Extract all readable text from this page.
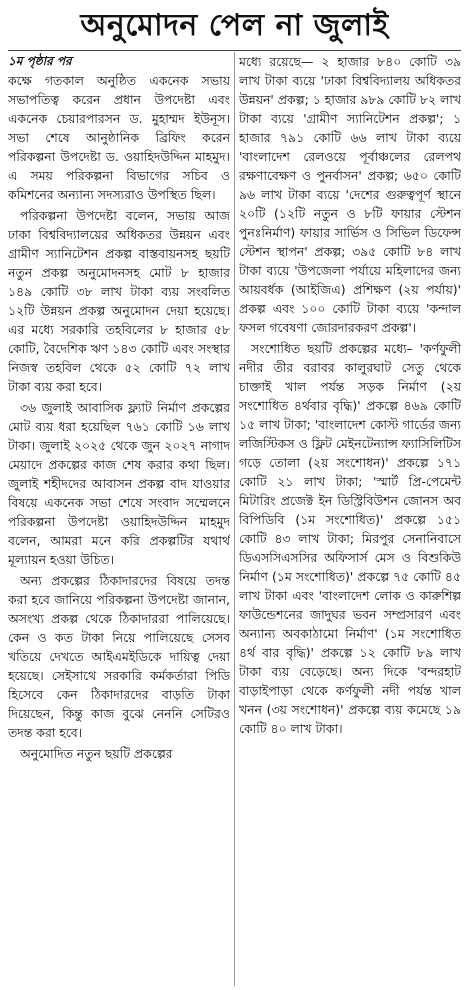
অনুমোদন পেল না জুলাই
১ম পৃষ্ঠার পর

কক্ষে গতকাল অনুষ্ঠিত একনেক সভায় সভাপতিত্ব করেন প্রধান উপদেষ্টা এবং একনেক চেয়ারপারসন ড. মুহাম্মদ ইউনূস। সভা শেষে আনুষ্ঠানিক ব্রিফিং করেন পরিকল্পনা উপদেষ্টা ড. ওয়াহিদউদ্দিন মাহমুদ। এ সময় পরিকল্পনা বিভাগের সচিব ও কমিশনের অন্যান্য সদস্যরাও উপস্থিত ছিল।

পরিকল্পনা উপদেষ্টা বলেন, সভায় আজ ঢাকা বিশ্ববিদ্যালয়ের অধিকতর উন্নয়ন এবং গ্রামীণ স্যানিটেশন প্রকল্প বাস্তবায়নসহ ছয়টি নতুন প্রকল্প অনুমোদনসহ মোট ৮ হাজার ১৪৯ কোটি ৩৮ লাখ টাকা ব্যয় সংবলিত ১২টি উন্নয়ন প্রকল্প অনুমোদন দেয়া হয়েছে। এর মধ্যে সরকারি তহবিলের ৮ হাজার ৫৮ কোটি, বৈদেশিক ঋণ ১৪৩ কোটি এবং সংস্থার নিজস্ব তহবিল থেকে ৫২ কোটি ৭২ লাখ টাকা ব্যয় করা হবে।

৩৬ জুলাই আবাসিক ফ্ল্যাট নির্মাণ প্রকল্পের মোট ব্যয় ধরা হয়েছিল ৭৬১ কোটি ১৬ লাখ টাকা। জুলাই ২০২৫ থেকে জুন ২০২৭ নাগাদ মেয়াদে প্রকল্পের কাজ শেষ করার কথা ছিল। জুলাই শহীদদের আবাসন প্রকল্প বাদ যাওয়ার বিষয়ে একনেক সভা শেষে সংবাদ সম্মেলনে পরিকল্পনা উপদেষ্টা ওয়াহিদউদ্দিন মাহমুদ বলেন, আমরা মনে করি প্রকল্পটির যথার্থ মূল্যায়ন হওয়া উচিত।

অন্য প্রকল্পের ঠিকাদারদের বিষয়ে তদন্ত করা হবে জানিয়ে পরিকল্পনা উপদেষ্টা জানান, অসংখ্য প্রকল্প থেকে ঠিকাদাররা পালিয়েছে। কেন ও কত টাকা নিয়ে পালিয়েছে সেসব খতিয়ে দেখতে আইএমইডিকে দায়িত্ব দেয়া হয়েছে। সেইসাথে সরকারি কর্মকর্তারা পিডি হিসেবে কেন ঠিকাদারদের বাড়তি টাকা দিয়েছেন, কিন্তু কাজ বুঝে নেননি সেটিরও তদন্ত করা হবে।

অনুমোদিত নতুন ছয়টি প্রকল্পের

মধ্যে রয়েছে— ২ হাজার ৮৪০ কোটি ৩৯ লাখ টাকা ব্যয়ে 'ঢাকা বিশ্ববিদ্যালয় অধিকতর উন্নয়ন' প্রকল্প; ১ হাজার ৯৮৯ কোটি ৮২ লাখ টাকা ব্যয়ে 'গ্রামীণ স্যানিটেশন প্রকল্প'; ১ হাজার ৭৯১ কোটি ৬৬ লাখ টাকা ব্যয়ে 'বাংলাদেশ রেলওয়ে পূর্বাঞ্চলের রেলপথ রক্ষণাবেক্ষণ ও পুনর্বাসন' প্রকল্প; ৬৫০ কোটি ৯৬ লাখ টাকা ব্যয়ে 'দেশের গুরুত্বপূর্ণ স্থানে ২০টি (১২টি নতুন ও ৮টি ফায়ার স্টেশন পুনঃনির্মাণ) ফায়ার সার্ভিস ও সিভিল ডিফেন্স স্টেশন স্থাপন' প্রকল্প; ৩৯৫ কোটি ৮৪ লাখ টাকা ব্যয়ে 'উপজেলা পর্যায়ে মহিলাদের জন্য আয়বর্ধক (আইজিএ) প্রশিক্ষণ (২য় পর্যায়)' প্রকল্প এবং ১০০ কোটি টাকা ব্যয়ে 'কন্দাল ফসল গবেষণা জোরদারকরণ প্রকল্প'।

সংশোধিত ছয়টি প্রকল্পের মধ্যে– 'কর্ণফুলী নদীর তীর বরাবর কালুরঘাট সেতু থেকে চাক্তাই খাল পর্যন্ত সড়ক নির্মাণ (২য় সংশোধিত ৪র্থবার বৃদ্ধি)' প্রকল্পে ৪৬৯ কোটি ১৫ লাখ টাকা; 'বাংলাদেশ কোস্ট গার্ডের জন্য লজিস্টিকস ও ফ্লিট মেইনটেন্যান্স ফ্যাসিলিটিস গড়ে তোলা (২য় সংশোধন)' প্রকল্পে ১৭১ কোটি ২১ লাখ টাকা; 'স্মার্ট প্রি-পেমেন্ট মিটারিং প্রজেক্ট ইন ডিস্ট্রিবিউশন জোনস অব বিপিডিবি (১ম সংশোধিত)' প্রকল্পে ১৫১ কোটি ৪৩ লাখ টাকা; মিরপুর সেনানিবাসে ডিএসসিএসসির অফিসার্স মেস ও বিশুকিউ নির্মাণ (১ম সংশোধিত)' প্রকল্পে ৭৫ কোটি ৪৫ লাখ টাকা এবং 'বাংলাদেশ লোক ও কারুশিল্প ফাউন্ডেশনের জাদুঘর ভবন সম্প্রসারণ এবং অন্যান্য অবকাঠামো নির্মাণ' (১ম সংশোধিত ৪র্থ বার বৃদ্ধি)' প্রকল্পে ১২ কোটি ৮৯ লাখ টাকা ব্যয় বেড়েছে। অন্য দিকে 'বন্দরহাট বাড়াইপাড়া থেকে কর্ণফুলী নদী পর্যন্ত খাল খনন (৩য় সংশোধন)' প্রকল্পে ব্যয় কমেছে ১৯ কোটি ৪০ লাখ টাকা।
